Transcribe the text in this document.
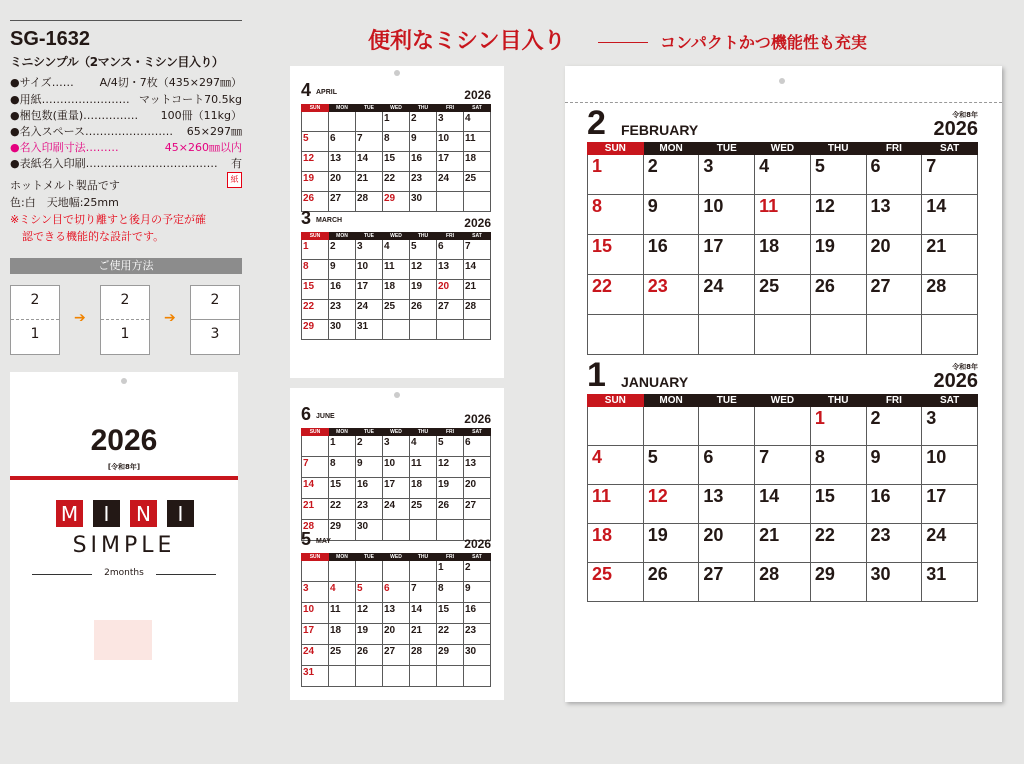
便利なミシン目入り	コンパクトかつ機能性も充実
SG-1632
ミニシンプル（2マンス・ミシン目入り）
●サイズ…… A/4切・7枚（435×297㎜）
●用紙…………………… マットコート70.5kg
●梱包数(重量)…………… 100冊（11kg）
●名入スペース…………………… 65×297㎜
●名入印刷寸法………	45×260㎜以内
●表紙名入印刷……………………………… 有
ホットメルト製品です	紙
色:白　天地幅:25mm
※ミシン目で切り離すと後月の予定が確
認できる機能的な設計です。
ご使用方法
2
1
➔
2
1
➔
2
3
2026
[令和8年]
M	I	N	I
SIMPLE
2months
4 APRIL	2026
SUN	MON	TUE	WED	THU	FRI	SAT

			1	2	3	4

5	6	7	8	9	10	11

12	13	14	15	16	17	18

19	20	21	22	23	24	25

26	27	28	29	30		

3 MARCH	2026
SUN	MON	TUE	WED	THU	FRI	SAT

1	2	3	4	5	6	7

8	9	10	11	12	13	14

15	16	17	18	19	20	21

22	23	24	25	26	27	28

29	30	31				

6 JUNE	2026
SUN	MON	TUE	WED	THU	FRI	SAT

	1	2	3	4	5	6

7	8	9	10	11	12	13

14	15	16	17	18	19	20

21	22	23	24	25	26	27

28	29	30				

5 MAY	2026
SUN	MON	TUE	WED	THU	FRI	SAT

					1	2

3	4	5	6	7	8	9

10	11	12	13	14	15	16

17	18	19	20	21	22	23

24	25	26	27	28	29	30

31						

2 FEBRUARY	2026
令和8年
SUN	MON	TUE	WED	THU	FRI	SAT

1	2	3	4	5	6	7

8	9	10	11	12	13	14

15	16	17	18	19	20	21

22	23	24	25	26	27	28

1 JANUARY	2026
令和8年
SUN	MON	TUE	WED	THU	FRI	SAT

				1	2	3

4	5	6	7	8	9	10

11	12	13	14	15	16	17

18	19	20	21	22	23	24

25	26	27	28	29	30	31
